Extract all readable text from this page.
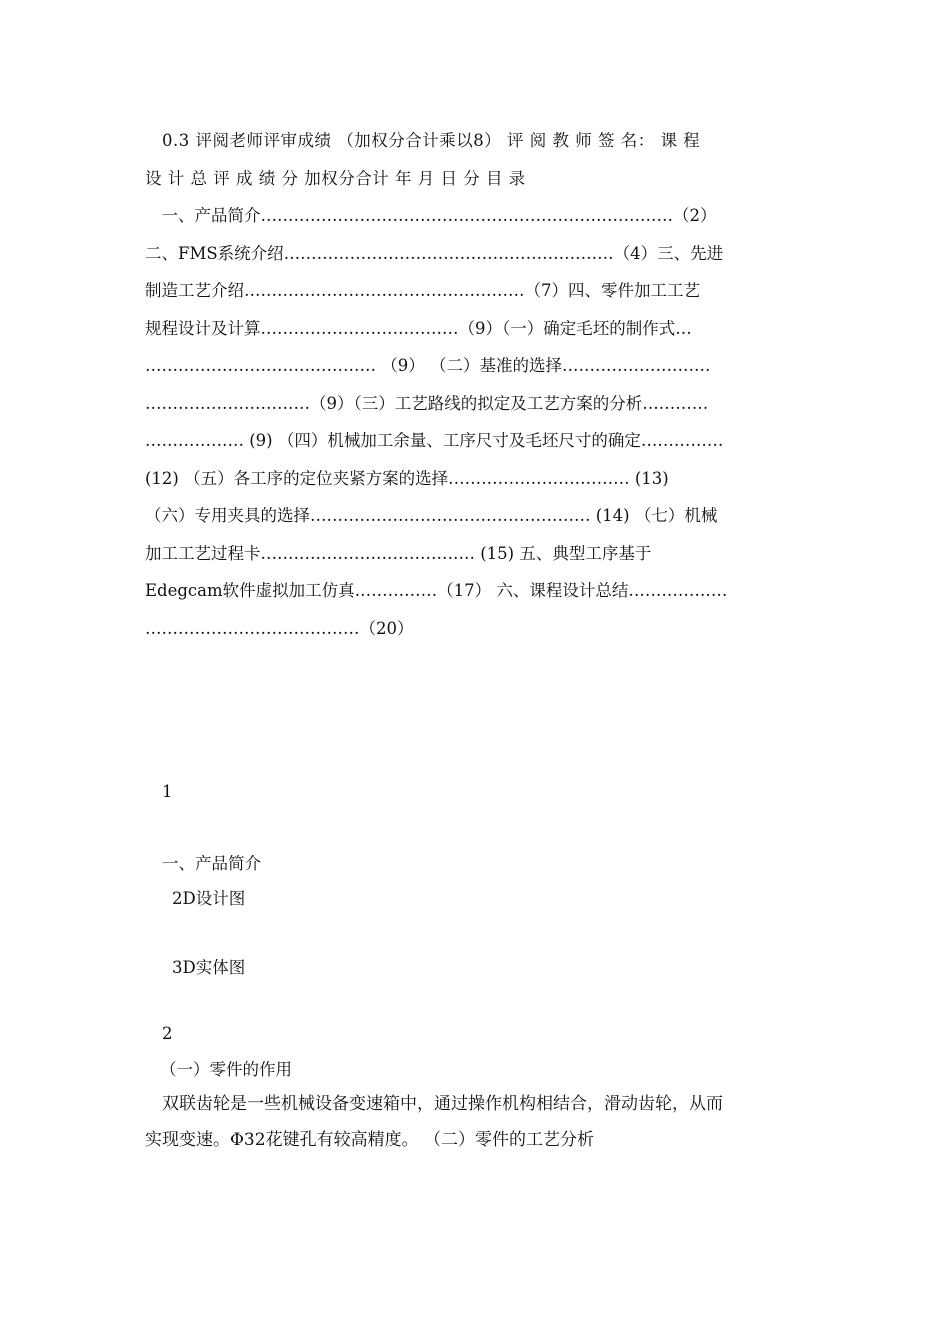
　0.3 评阅老师评审成绩 （加权分合计乘以8） 评 阅 教 师 签 名： 课 程
设 计 总 评 成 绩 分 加权分合计 年 月 日 分 目 录
　一、产品简介…………………………………………………………………（2）
二、FMS系统介绍……………………………………………………（4）三、先进
制造工艺介绍……………………………………………（7）四、零件加工工艺
规程设计及计算………………………………（9）（一）确定毛坯的制作式…
…………………………………… （9） （二）基准的选择………………………
…………………………（9）（三）工艺路线的拟定及工艺方案的分析…………
……………… (9) （四）机械加工余量、工序尺寸及毛坯尺寸的确定……………
(12) （五）各工序的定位夹紧方案的选择…………………………… (13)
（六）专用夹具的选择…………………………………………… (14) （七）机械
加工工艺过程卡………………………………… (15) 五、典型工序基于
Edegcam软件虚拟加工仿真……………（17） 六、课程设计总结………………
…………………………………（20）
1
一、产品简介
2D设计图
3D实体图
2
（一）零件的作用
　双联齿轮是一些机械设备变速箱中，通过操作机构相结合，滑动齿轮，从而
实现变速。Φ32花键孔有较高精度。 （二）零件的工艺分析
